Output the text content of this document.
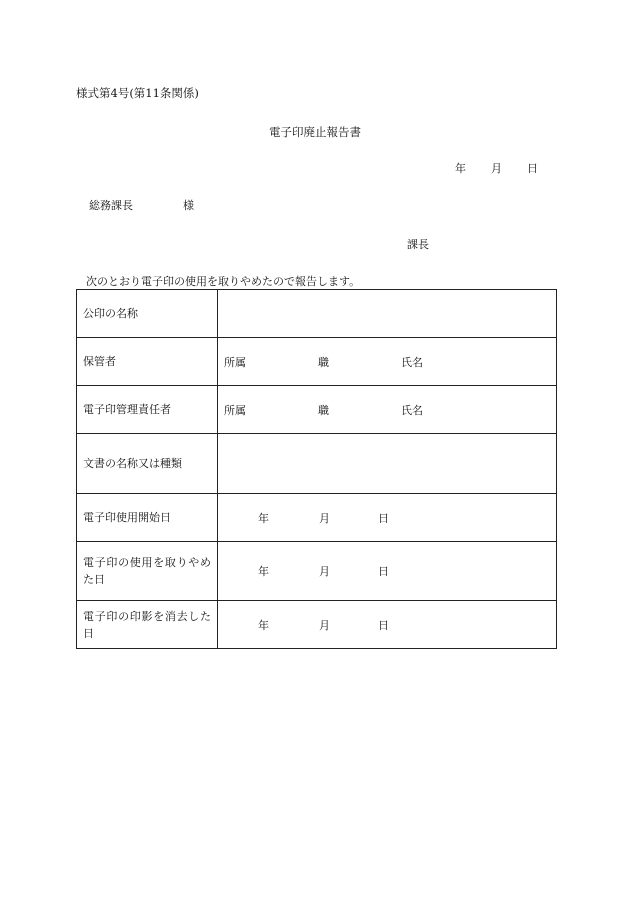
様式第4号(第11条関係)
電子印廃止報告書
年 月 日
総務課長	様
課長
次のとおり電子印の使用を取りやめたので報告します。
公印の名称	
保管者	所属 職 氏名

電子印管理責任者	所属 職 氏名

文書の名称又は種類	
電子印使用開始日	年 月 日

電子印の使用を取りやめた日	年 月 日

電子印の印影を消去した日	年 月 日
